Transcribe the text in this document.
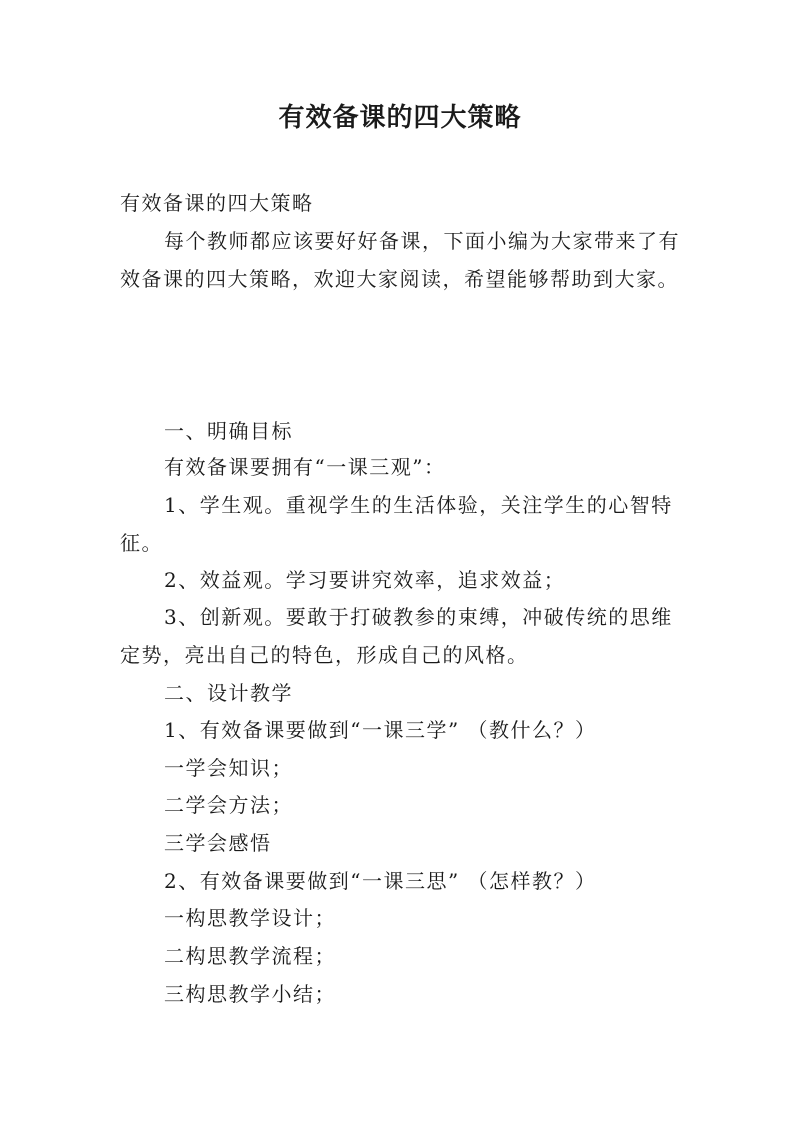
有效备课的四大策略
有效备课的四大策略
每个教师都应该要好好备课，下面小编为大家带来了有
效备课的四大策略，欢迎大家阅读，希望能够帮助到大家。
一、明确目标
有效备课要拥有“一课三观”：
1、学生观。重视学生的生活体验，关注学生的心智特
征。
2、效益观。学习要讲究效率，追求效益；
3、创新观。要敢于打破教参的束缚，冲破传统的思维
定势，亮出自己的特色，形成自己的风格。
二、设计教学
1、有效备课要做到“一课三学” （教什么？）
一学会知识；
二学会方法；
三学会感悟
2、有效备课要做到“一课三思” （怎样教？）
一构思教学设计；
二构思教学流程；
三构思教学小结；
